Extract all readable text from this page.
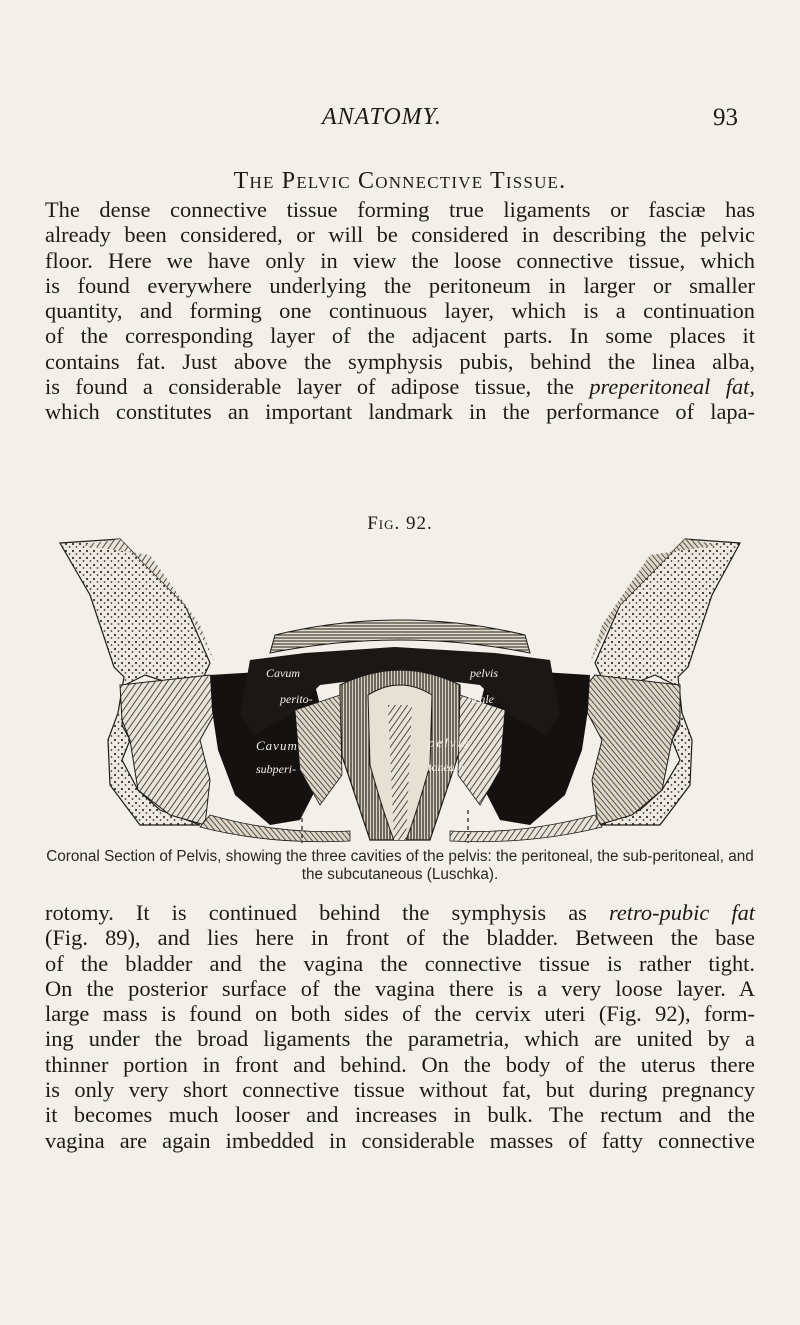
ANATOMY.	93
The Pelvic Connective Tissue.
The dense connective tissue forming true ligaments or fasciæ has
already been considered, or will be considered in describing the pelvic
floor. Here we have only in view the loose connective tissue, which
is found everywhere underlying the peritoneum in larger or smaller
quantity, and forming one continuous layer, which is a continuation
of the corresponding layer of the adjacent parts. In some places it
contains fat. Just above the symphysis pubis, behind the linea alba,
is found a considerable layer of adipose tissue, the preperitoneal fat,
which constitutes an important landmark in the performance of lapa-
Fig. 92.
Cavum
perito-
pelvis
neale
Cavum
subperi-
pelvis
toneale
Coronal Section of Pelvis, showing the three cavities of the pelvis: the peritoneal, the sub-peritoneal, and the subcutaneous (Luschka).
rotomy. It is continued behind the symphysis as retro-pubic fat
(Fig. 89), and lies here in front of the bladder. Between the base
of the bladder and the vagina the connective tissue is rather tight.
On the posterior surface of the vagina there is a very loose layer. A
large mass is found on both sides of the cervix uteri (Fig. 92), form-
ing under the broad ligaments the parametria, which are united by a
thinner portion in front and behind. On the body of the uterus there
is only very short connective tissue without fat, but during pregnancy
it becomes much looser and increases in bulk. The rectum and the
vagina are again imbedded in considerable masses of fatty connective
